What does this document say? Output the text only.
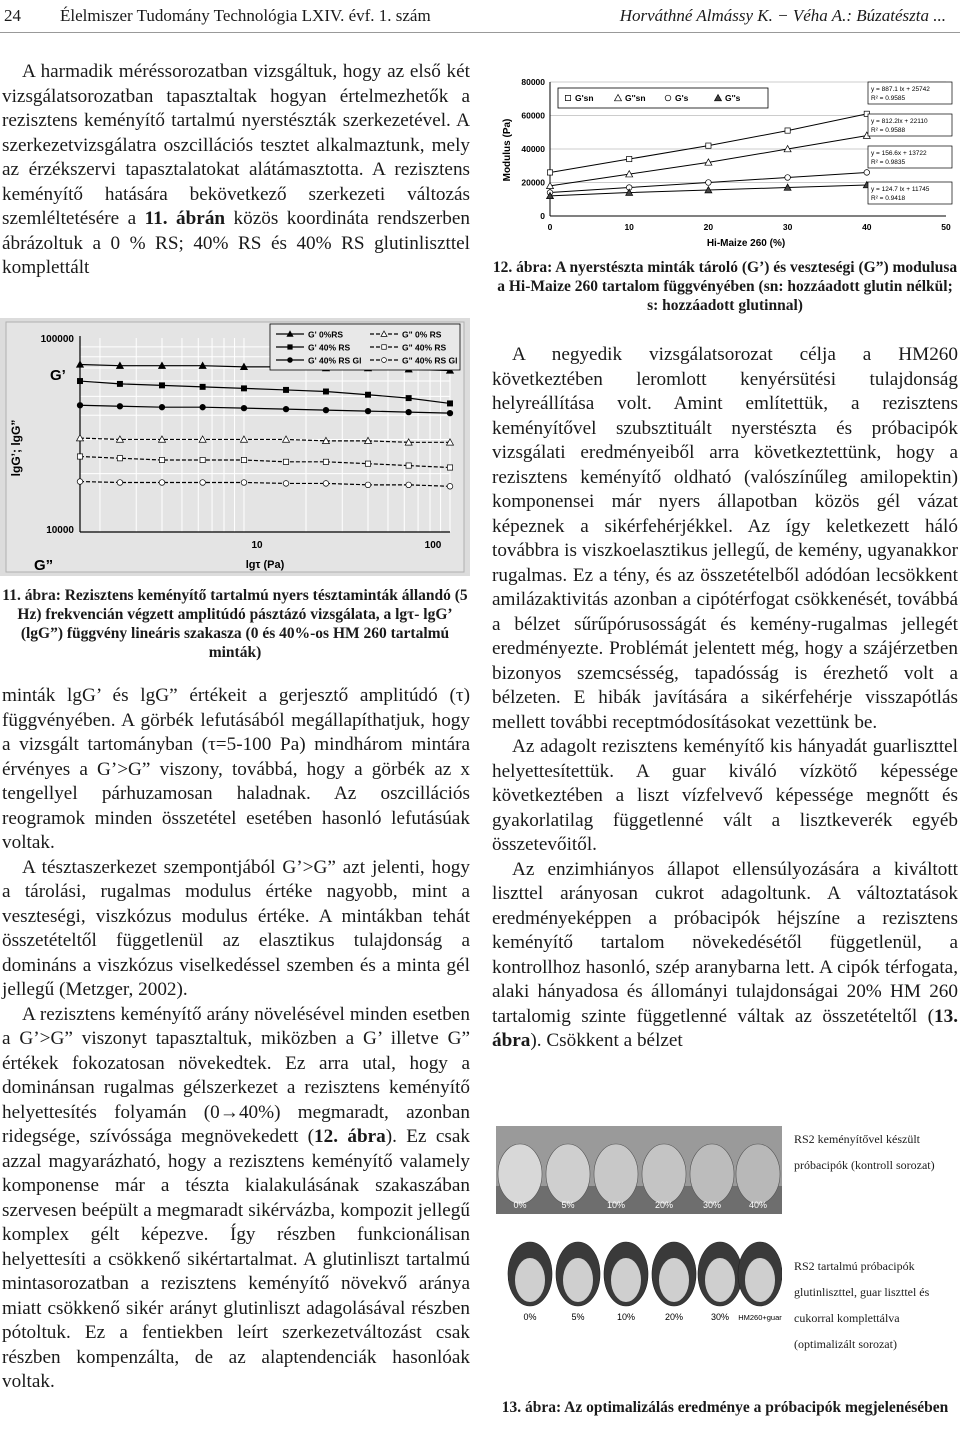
24 Élelmiszer Tudomány Technológia LXIV. évf. 1. szám	Horváthné Almássy K. − Véha A.: Búzatészta ...

A harmadik méréssorozatban vizsgáltuk, hogy az első két vizsgálatsorozatban tapasztaltak hogyan értelmezhetők a rezisztens keményítő tartalmú nyerstészták szerkezetével. A szerkezetvizsgálatra oszcillációs tesztet alkalmaztunk, mely az érzékszervi tapasztalatokat alátámasztotta. A rezisztens keményítő hatására bekövetkező szerkezeti változás szemléltetésére a 11. ábrán közös koordináta rendszerben ábrázoltuk a 0 % RS; 40% RS és 40% RS glutinliszttel komplettált

100000
10000
10	100
lgτ (Pa)
lgG’; lgG”
G’
G”
G' 0%RS
G' 40% RS
G' 40% RS Gl
G" 0% RS
G" 40% RS
G" 40% RS Gl
11. ábra: Rezisztens keményítő tartalmú nyers tésztaminták állandó (5 Hz) frekvencián végzett amplitúdó pásztázó vizsgálata, a lgτ- lgG’ (lgG”) függvény lineáris szakasza (0 és 40%-os HM 260 tartalmú minták)

minták lgG’ és lgG” értékeit a gerjesztő amplitúdó (τ) függvényében. A görbék lefutásából megállapíthatjuk, hogy a vizsgált tartományban (τ=5-100 Pa) mindhárom mintára érvényes a G’>G” viszony, továbbá, hogy a görbék az x tengellyel párhuzamosan haladnak. Az oszcillációs reogramok minden összetétel esetében hasonló lefutásúak voltak.

A tésztaszerkezet szempontjából G’>G” azt jelenti, hogy a tárolási, rugalmas modulus értéke nagyobb, mint a veszteségi, viszkózus modulus értéke. A mintákban tehát összetételtől függetlenül az elasztikus tulajdonság a domináns a viszkózus viselkedéssel szemben és a minta gél jellegű (Metzger, 2002).

A rezisztens keményítő arány növelésével minden esetben a G’>G” viszonyt tapasztaltuk, miközben a G’ illetve G” értékek fokozatosan növekedtek. Ez arra utal, hogy a dominánsan rugalmas gélszerkezet a rezisztens keményítő helyettesítés folyamán (0→40%) megmaradt, azonban ridegsége, szívóssága megnövekedett (12. ábra). Ez csak azzal magyarázható, hogy a rezisztens keményítő valamely komponense már a tészta kialakulásának szakaszában szervesen beépült a megmaradt sikérvázba, kompozit jellegű komplex gélt képezve. Így részben funkcionálisan helyettesíti a csökkenő sikértartalmat. A glutinliszt tartalmú mintasorozatban a rezisztens keményítő növekvő aránya miatt csökkenő sikér arányt glutinliszt adagolásával részben pótoltuk. Ez a fentiekben leírt szerkezetváltozást csak részben kompenzálta, de az alaptendenciák hasonlóak voltak.

0
20000
40000
60000
80000
0	10	20	30	40	50
Hi-Maize 260 (%)
Modulus (Pa)
G'sn	G''sn	G's	G''s
y = 887.1 lx + 25742
R² = 0.9585
y = 812.2lx + 22110
R² = 0.9588
y = 156.6x + 13722
R² = 0.9835
y = 124.7 lx + 11745
R² = 0.9418
12. ábra: A nyerstészta minták tároló (G’) és veszteségi (G”) modulusa a Hi-Maize 260 tartalom függvényében (sn: hozzáadott glutin nélkül; s: hozzáadott glutinnal)

A negyedik vizsgálatsorozat célja a HM260 következtében leromlott kenyérsütési tulajdonság helyreállítása volt. Amint említettük, a rezisztens keményítővel szubsztituált nyerstészta és próbacipók vizsgálati eredményeiből arra következtettünk, hogy a rezisztens keményítő oldható (valószínűleg amilopektin) komponensei már nyers állapotban közös gél vázat képeznek a sikérfehérjékkel. Az így keletkezett háló továbbra is viszkoelasztikus jellegű, de kemény, ugyanakkor rugalmas. Ez a tény, és az összetételből adódóan lecsökkent amilázaktivitás azonban a cipótérfogat csökkenését, továbbá a bélzet sűrűpórusosságát és kemény-rugalmas jellegét eredményezte. Problémát jelentett még, hogy a szájérzetben bizonyos szemcsésség, tapadósság is érezhető volt a bélzeten. E hibák javítására a sikérfehérje visszapótlás mellett további receptmódosításokat vezettünk be.

Az adagolt rezisztens keményítő kis hányadát guarliszttel helyettesítettük. A guar kiváló vízkötő képessége következtében a liszt vízfelvevő képessége megnőtt és gyakorlatilag függetlenné vált a lisztkeverék egyéb összetevőitől.

Az enzimhiányos állapot ellensúlyozására a kiváltott liszttel arányosan cukrot adagoltunk. A változtatások eredményeképpen a próbacipók héjszíne a rezisztens keményítő tartalom növekedésétől függetlenül, a kontrollhoz hasonló, szép aranybarna lett. A cipók térfogata, alaki hányadosa és állományi tulajdonságai 20% HM 260 tartalomig szinte függetlenné váltak az összetételtől (13. ábra). Csökkent a bélzet

0%	5%	10%	20%	30%	40%
RS2 keményítővel készült
próbacipók (kontroll sorozat)
0%	5%	10%	20%	30% HM260+guar
RS2 tartalmú próbacipók
glutinliszttel, guar liszttel és
cukorral komplettálva
(optimalizált sorozat)
13. ábra: Az optimalizálás eredménye a próbacipók megjelenésében
